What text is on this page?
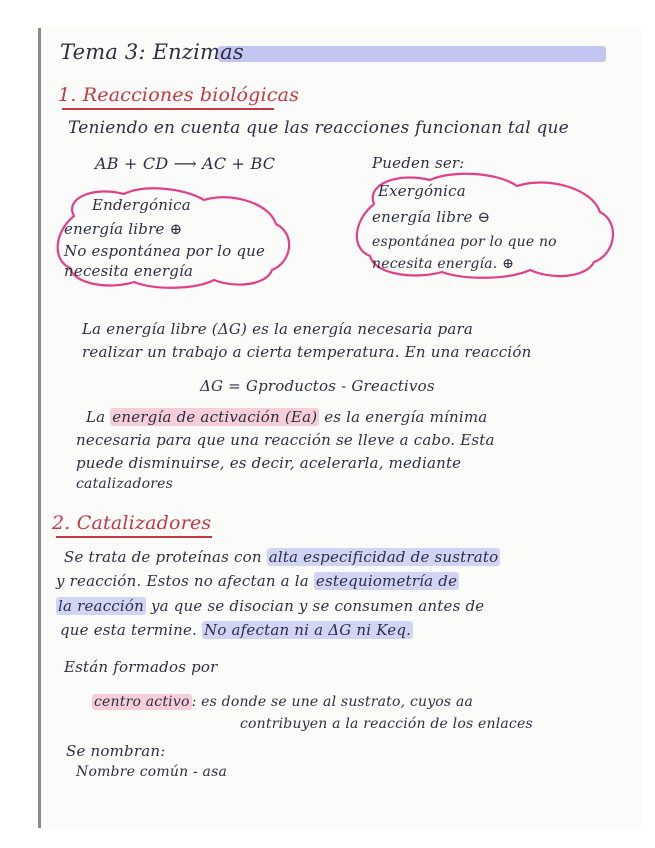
Tema 3: Enzimas
1. Reacciones biológicas
Teniendo en cuenta que las reacciones funcionan tal que
AB + CD ⟶ AC + BC	Pueden ser:
Endergónica
energía libre ⊕
No espontánea por lo que
necesita energía
Exergónica
energía libre ⊖
espontánea por lo que no
necesita energía. ⊕
La energía libre (ΔG) es la energía necesaria para
realizar un trabajo a cierta temperatura. En una reacción
ΔG = Gproductos - Greactivos
La energía de activación (Ea) es la energía mínima
necesaria para que una reacción se lleve a cabo. Esta
puede disminuirse, es decir, acelerarla, mediante
catalizadores
2. Catalizadores
Se trata de proteínas con alta especificidad de sustrato
y reacción. Estos no afectan a la estequiometría de
la reacción ya que se disocian y se consumen antes de
que esta termine. No afectan ni a ΔG ni Keq.
Están formados por
centro activo : es donde se une al sustrato, cuyos aa
contribuyen a la reacción de los enlaces
Se nombran:
Nombre común - asa
